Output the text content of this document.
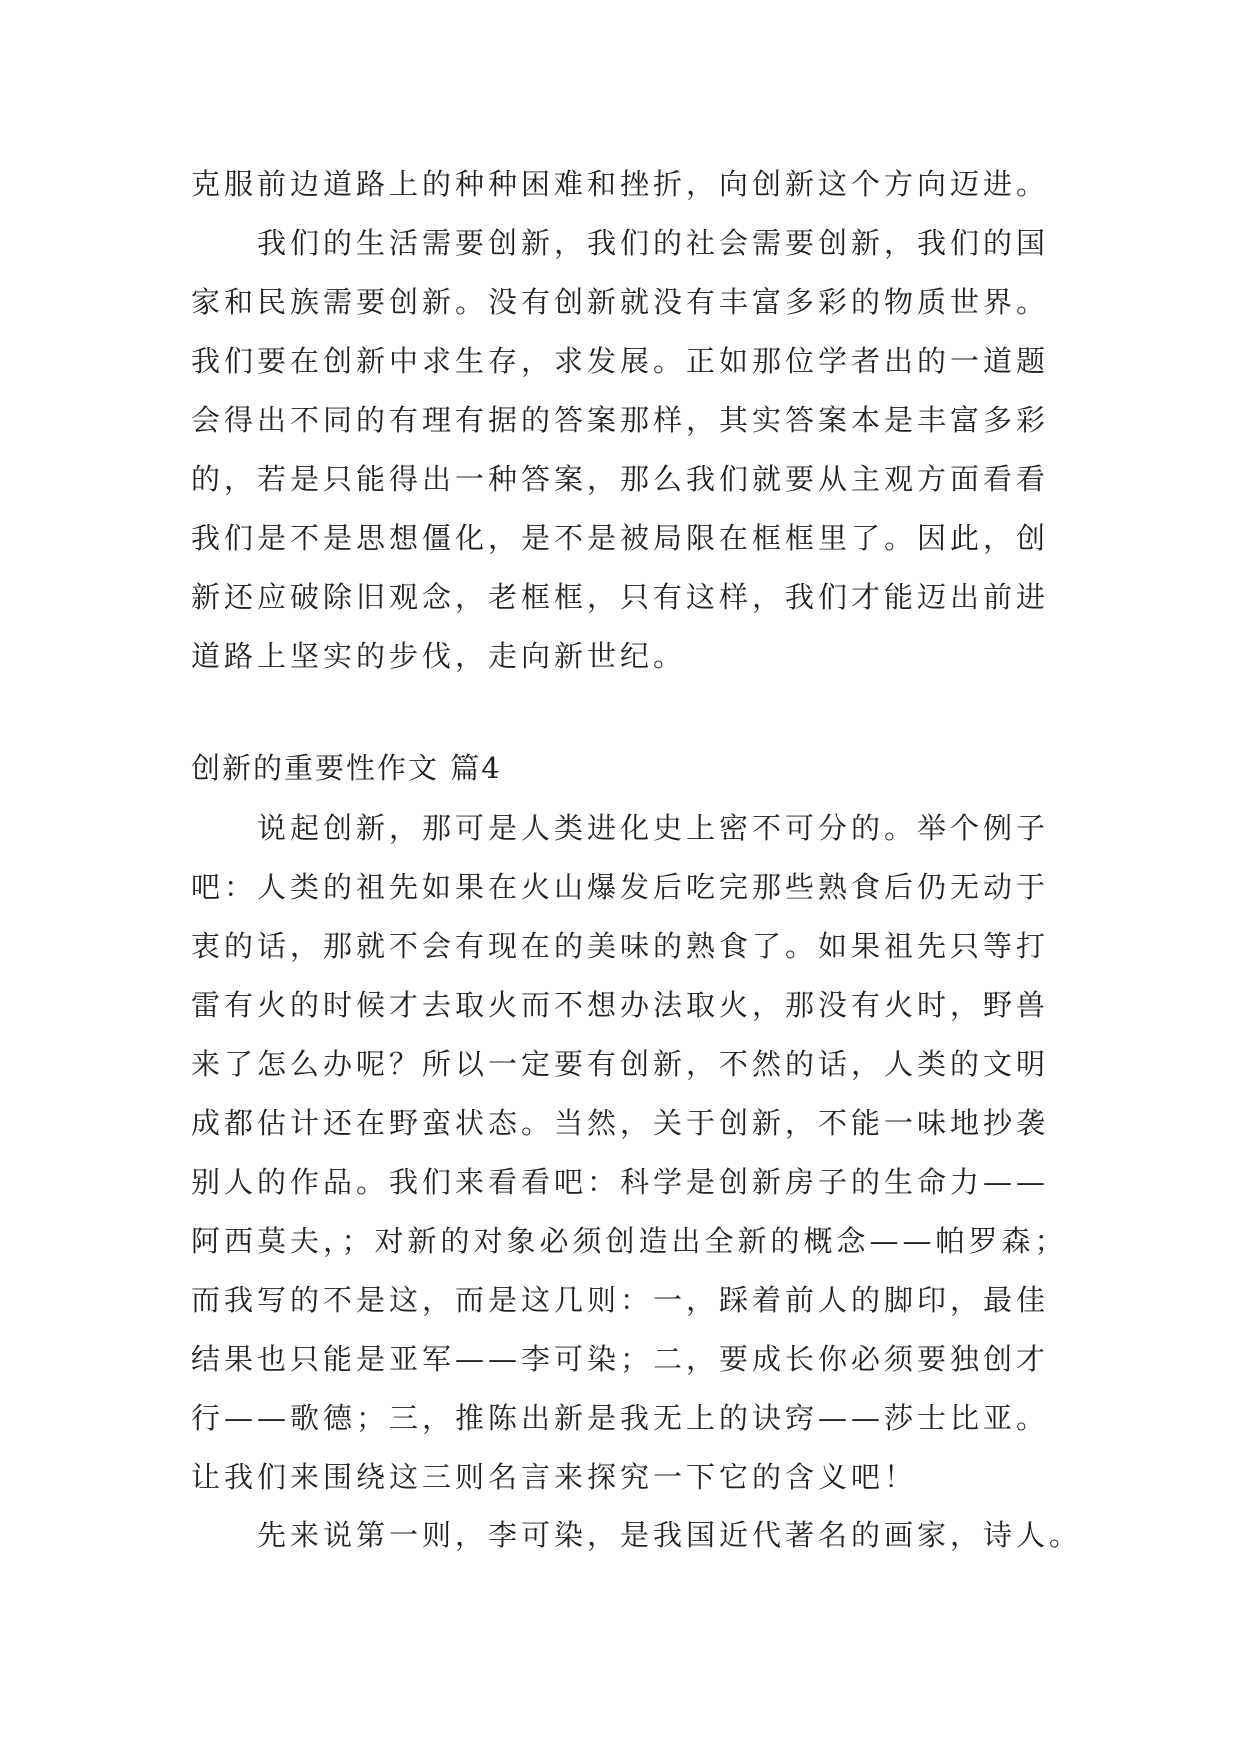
克服前边道路上的种种困难和挫折，向创新这个方向迈进。
我们的生活需要创新，我们的社会需要创新，我们的国
家和民族需要创新。没有创新就没有丰富多彩的物质世界。
我们要在创新中求生存，求发展。正如那位学者出的一道题
会得出不同的有理有据的答案那样，其实答案本是丰富多彩
的，若是只能得出一种答案，那么我们就要从主观方面看看
我们是不是思想僵化，是不是被局限在框框里了。因此，创
新还应破除旧观念，老框框，只有这样，我们才能迈出前进
道路上坚实的步伐，走向新世纪。
创新的重要性作文 篇4
说起创新，那可是人类进化史上密不可分的。举个例子
吧：人类的祖先如果在火山爆发后吃完那些熟食后仍无动于
衷的话，那就不会有现在的美味的熟食了。如果祖先只等打
雷有火的时候才去取火而不想办法取火，那没有火时，野兽
来了怎么办呢？所以一定要有创新，不然的话，人类的文明
成都估计还在野蛮状态。当然，关于创新，不能一味地抄袭
别人的作品。我们来看看吧：科学是创新房子的生命力——
阿西莫夫，；对新的对象必须创造出全新的概念——帕罗森；
而我写的不是这，而是这几则：一，踩着前人的脚印，最佳
结果也只能是亚军——李可染；二，要成长你必须要独创才
行——歌德；三，推陈出新是我无上的诀窍——莎士比亚。
让我们来围绕这三则名言来探究一下它的含义吧！
先来说第一则，李可染，是我国近代著名的画家，诗人。
